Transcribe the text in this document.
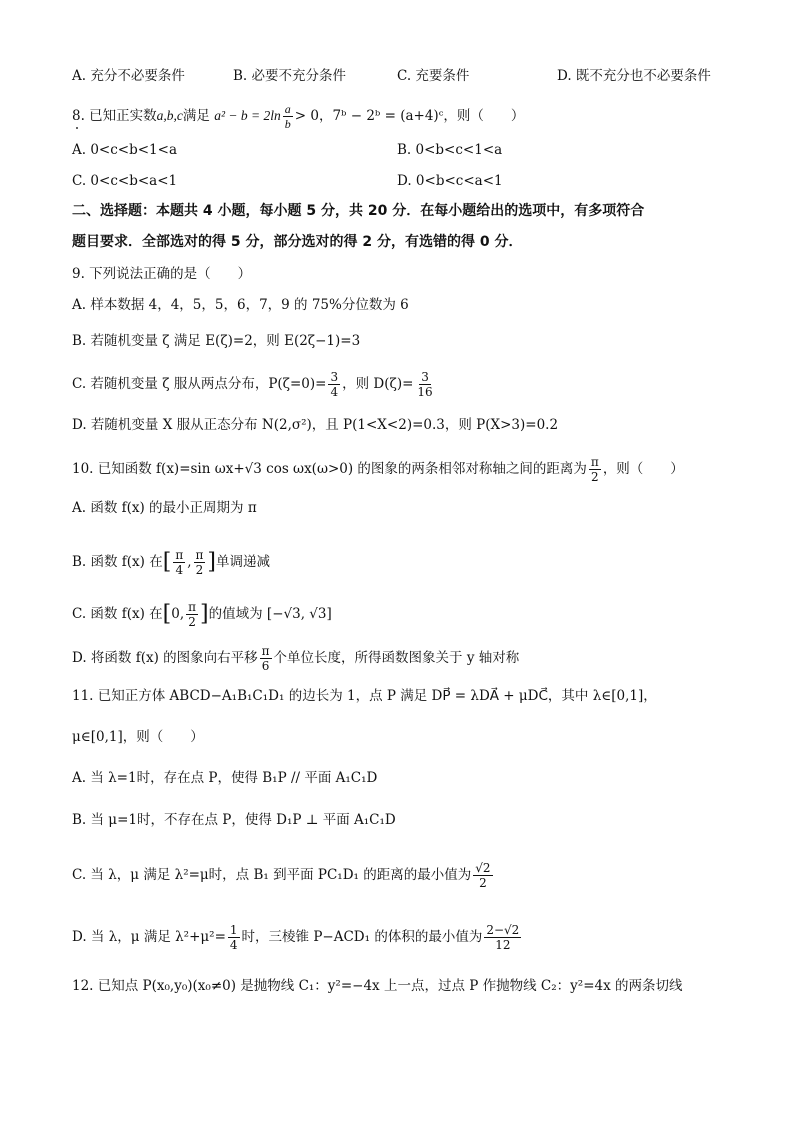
A. 充分不必要条件	B. 必要不充分条件	C. 充要条件	D. 既不充分也不必要条件
8. 已知正实数a,b,c满足 $a^2 - b = 2\ln \frac{a}{b} > 0$，7ᵇ − 2ᵇ = (a+4)ᶜ，则（　　）
A. 0<c<b<1<a	B. 0<b<c<1<a
C. 0<c<b<a<1	D. 0<b<c<a<1
二、选择题：本题共 4 小题，每小题 5 分，共 20 分．在每小题给出的选项中，有多项符合
题目要求．全部选对的得 5 分，部分选对的得 2 分，有选错的得 0 分．
9. 下列说法正确的是（　　）
A. 样本数据 4，4，5，5，6，7，9 的 75%分位数为 6
B. 若随机变量 ζ 满足 E(ζ)=2，则 E(2ζ−1)=3
C. 若随机变量 ζ 服从两点分布，$P(\zeta=0)= \frac{3}{4}$ ，则 $D(\zeta)= \frac{3}{16}$
D. 若随机变量 X 服从正态分布 N(2,σ²)，且 P(1<X<2)=0.3，则 P(X>3)=0.2
10. 已知函数 f(x)=sin ωx+√3 cos ωx(ω>0) 的图象的两条相邻对称轴之间的距离为 $\frac{\pi}{2}$ ，则（　　）
A. 函数 f(x) 的最小正周期为 π
B. 函数 f(x) 在[ $\frac{\pi}{4}$ , $\frac{\pi}{2}$ ]单调递减
C. 函数 f(x) 在[0, $\frac{\pi}{2}$ ]的值域为 [−√3, √3]
D. 将函数 f(x) 的图象向右平移 $\frac{\pi}{6}$ 个单位长度，所得函数图象关于 y 轴对称
11. 已知正方体 ABCD−A₁B₁C₁D₁ 的边长为 1，点 P 满足 DP⃗ = λDA⃗ + μDC⃗，其中 λ∈[0,1]，
μ∈[0,1]，则（　　）
A. 当 λ=1时，存在点 P，使得 B₁P // 平面 A₁C₁D
B. 当 μ=1时，不存在点 P，使得 D₁P ⊥ 平面 A₁C₁D
C. 当 λ，μ 满足 λ²=μ时，点 B₁ 到平面 PC₁D₁ 的距离的最小值为 $\frac{√2}{2}$
D. 当 λ，μ 满足 $\lambda^2+\mu^2= \frac{1}{4}$ 时，三棱锥 P−ACD₁ 的体积的最小值为 $\frac{2-√2}{12}$
12. 已知点 P(x₀,y₀)(x₀≠0) 是抛物线 C₁：y²=−4x 上一点，过点 P 作抛物线 C₂：y²=4x 的两条切线
